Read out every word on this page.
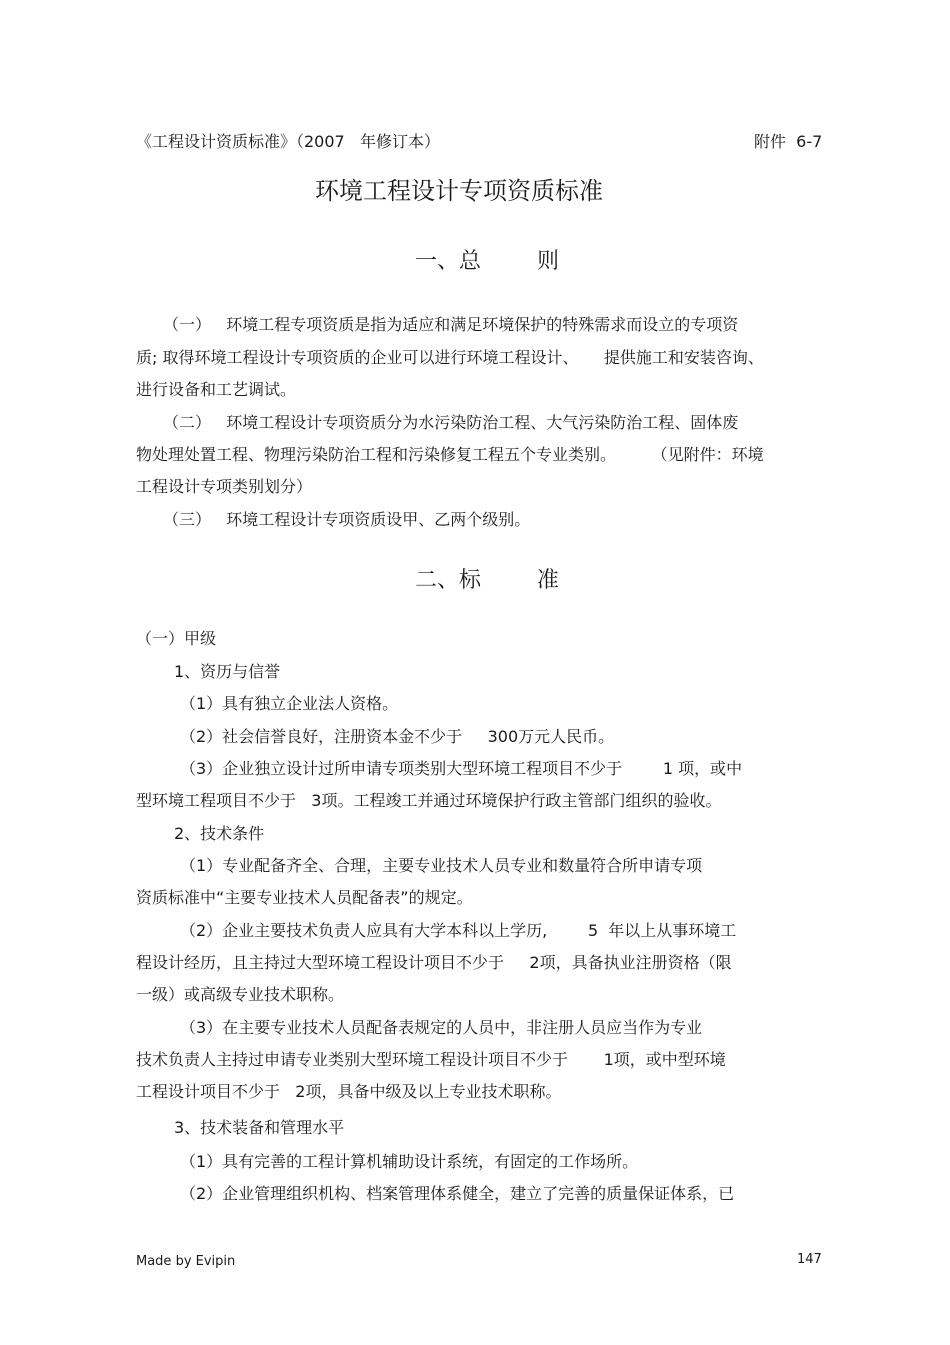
《工程设计资质标准》（2007   年修订本）	附件  6-7
环境工程设计专项资质标准
一、总        则
（一）   环境工程专项资质是指为适应和满足环境保护的特殊需求而设立的专项资
质; 取得环境工程设计专项资质的企业可以进行环境工程设计、     提供施工和安装咨询、
进行设备和工艺调试。
（二）   环境工程设计专项资质分为水污染防治工程、大气污染防治工程、固体废
物处理处置工程、物理污染防治工程和污染修复工程五个专业类别。       （见附件：环境
工程设计专项类别划分）
（三）   环境工程设计专项资质设甲、乙两个级别。
二、标        准
（一）甲级
1、资历与信誉
（1）具有独立企业法人资格。
（2）社会信誉良好，注册资本金不少于     300万元人民币。
（3）企业独立设计过所申请专项类别大型环境工程项目不少于        1 项，或中
型环境工程项目不少于   3项。工程竣工并通过环境保护行政主管部门组织的验收。
2、技术条件
（1）专业配备齐全、合理，主要专业技术人员专业和数量符合所申请专项
资质标准中“主要专业技术人员配备表”的规定。
（2）企业主要技术负责人应具有大学本科以上学历,        5  年以上从事环境工
程设计经历，且主持过大型环境工程设计项目不少于     2项，具备执业注册资格（限
一级）或高级专业技术职称。
（3）在主要专业技术人员配备表规定的人员中，非注册人员应当作为专业
技术负责人主持过申请专业类别大型环境工程设计项目不少于       1项，或中型环境
工程设计项目不少于   2项，具备中级及以上专业技术职称。
3、技术装备和管理水平
（1）具有完善的工程计算机辅助设计系统，有固定的工作场所。
（2）企业管理组织机构、档案管理体系健全，建立了完善的质量保证体系，已
Made by Evipin	147
